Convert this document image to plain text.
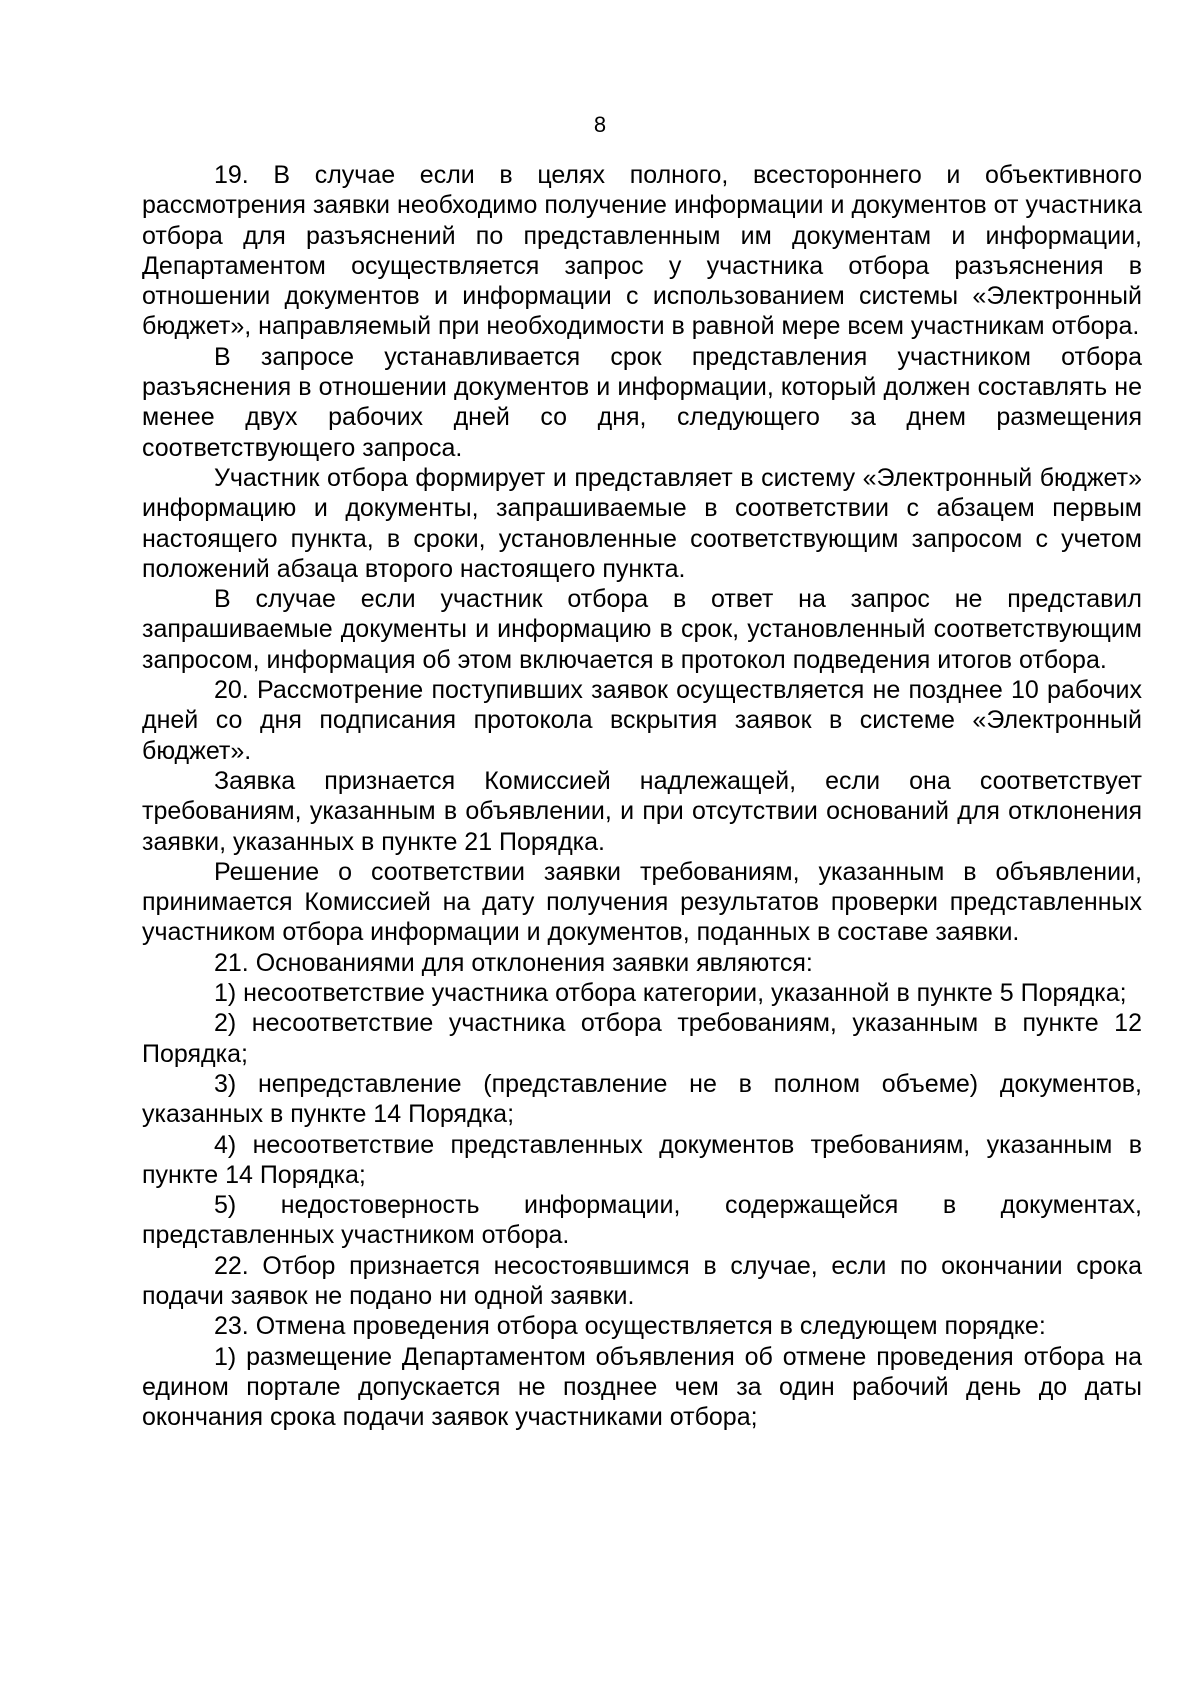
8

19. В случае если в целях полного, всестороннего и объективного рассмотрения заявки необходимо получение информации и документов от участника отбора для разъяснений по представленным им документам и информации, Департаментом осуществляется запрос у участника отбора разъяснения в отношении документов и информации с использованием системы «Электронный бюджет», направляемый при необходимости в равной мере всем участникам отбора.

В запросе устанавливается срок представления участником отбора разъяснения в отношении документов и информации, который должен составлять не менее двух рабочих дней со дня, следующего за днем размещения соответствующего запроса.

Участник отбора формирует и представляет в систему «Электронный бюджет» информацию и документы, запрашиваемые в соответствии с абзацем первым настоящего пункта, в сроки, установленные соответствующим запросом с учетом положений абзаца второго настоящего пункта.

В случае если участник отбора в ответ на запрос не представил запрашиваемые документы и информацию в срок, установленный соответствующим запросом, информация об этом включается в протокол подведения итогов отбора.

20. Рассмотрение поступивших заявок осуществляется не позднее 10 рабочих дней со дня подписания протокола вскрытия заявок в системе «Электронный бюджет».

Заявка признается Комиссией надлежащей, если она соответствует требованиям, указанным в объявлении, и при отсутствии оснований для отклонения заявки, указанных в пункте 21 Порядка.

Решение о соответствии заявки требованиям, указанным в объявлении, принимается Комиссией на дату получения результатов проверки представленных участником отбора информации и документов, поданных в составе заявки.

21. Основаниями для отклонения заявки являются:

1) несоответствие участника отбора категории, указанной в пункте 5 Порядка;

2) несоответствие участника отбора требованиям, указанным в пункте 12 Порядка;

3) непредставление (представление не в полном объеме) документов, указанных в пункте 14 Порядка;

4) несоответствие представленных документов требованиям, указанным в пункте 14 Порядка;

5) недостоверность информации, содержащейся в документах, представленных участником отбора.

22. Отбор признается несостоявшимся в случае, если по окончании срока подачи заявок не подано ни одной заявки.

23. Отмена проведения отбора осуществляется в следующем порядке:

1) размещение Департаментом объявления об отмене проведения отбора на едином портале допускается не позднее чем за один рабочий день до даты окончания срока подачи заявок участниками отбора;
